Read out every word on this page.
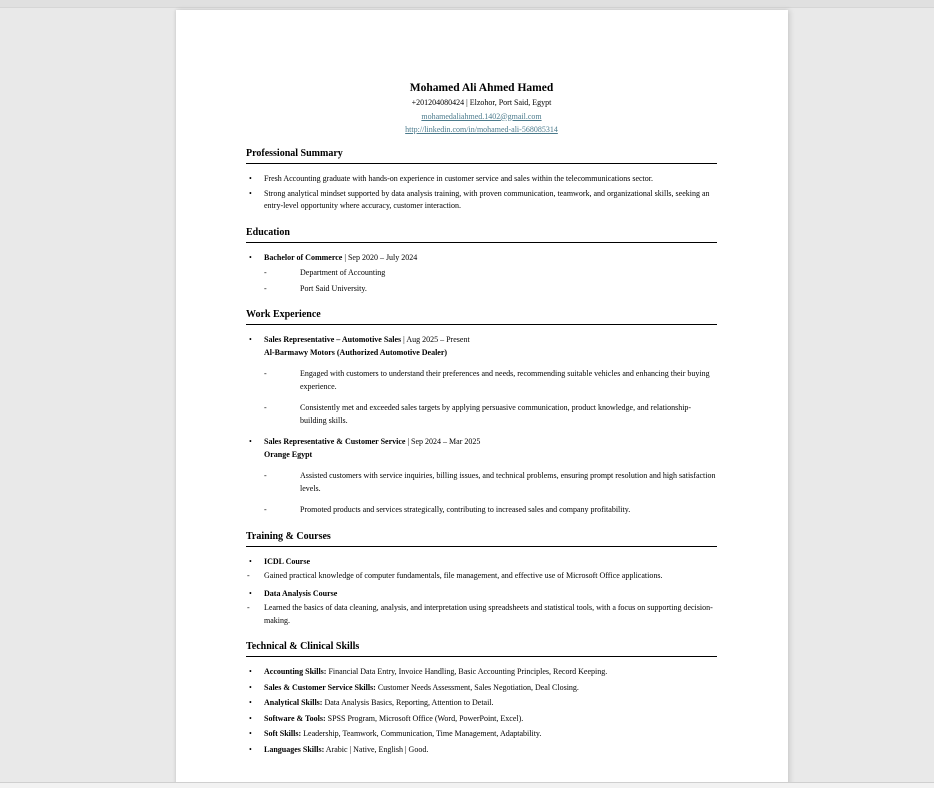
Mohamed Ali Ahmed Hamed
+201204080424 | Elzohor, Port Said, Egypt
mohamedaliahmed.1402@gmail.com
http://linkedin.com/in/mohamed-ali-568085314
Professional Summary
•	Fresh Accounting graduate with hands-on experience in customer service and sales within the telecommunications sector.
•	Strong analytical mindset supported by data analysis training, with proven communication, teamwork, and organizational skills, seeking an entry-level opportunity where accuracy, customer interaction.
Education
•	Bachelor of Commerce | Sep 2020 – July 2024
-	Department of Accounting
-	Port Said University.
Work Experience
•	Sales Representative – Automotive Sales | Aug 2025 – Present
Al-Barmawy Motors (Authorized Automotive Dealer)
-	Engaged with customers to understand their preferences and needs, recommending suitable vehicles and enhancing their buying experience.
-	Consistently met and exceeded sales targets by applying persuasive communication, product knowledge, and relationship-building skills.
•	Sales Representative & Customer Service | Sep 2024 – Mar 2025
Orange Egypt
-	Assisted customers with service inquiries, billing issues, and technical problems, ensuring prompt resolution and high satisfaction levels.
-	Promoted products and services strategically, contributing to increased sales and company profitability.
Training & Courses
•	ICDL Course
-	Gained practical knowledge of computer fundamentals, file management, and effective use of Microsoft Office applications.
•	Data Analysis Course
-	Learned the basics of data cleaning, analysis, and interpretation using spreadsheets and statistical tools, with a focus on supporting decision-making.
Technical & Clinical Skills
•	Accounting Skills: Financial Data Entry, Invoice Handling, Basic Accounting Principles, Record Keeping.
•	Sales & Customer Service Skills: Customer Needs Assessment, Sales Negotiation, Deal Closing.
•	Analytical Skills: Data Analysis Basics, Reporting, Attention to Detail.
•	Software & Tools: SPSS Program, Microsoft Office (Word, PowerPoint, Excel).
•	Soft Skills: Leadership, Teamwork, Communication, Time Management, Adaptability.
•	Languages Skills: Arabic | Native, English | Good.
